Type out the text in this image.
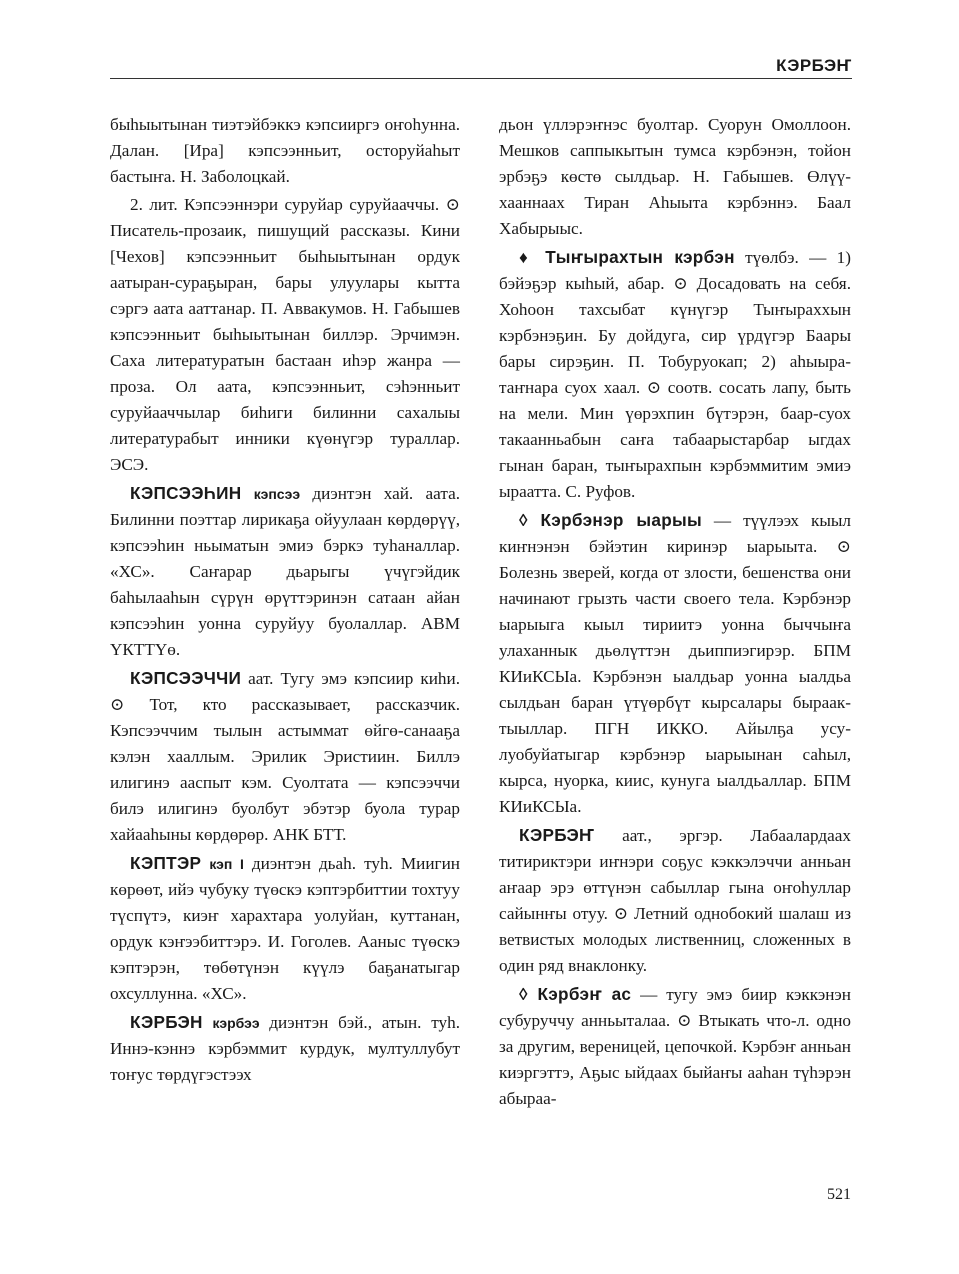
КЭРБЭҤ

быһыытынан тиэтэйбэккэ кэпсииргэ оҥоһунна. Далан. [Ира] кэпсээнньит, осторуйаһыт бастыҥа. Н. Заболоцкай.

2. лит. Кэпсээннэри суруйар суруйааччы. ⊙ Писатель-прозаик, пишущий рассказы. Кини [Чехов] кэпсээнньит быһыытынан ордук аатыран-сураҕыран, бары улуулары кытта сэргэ аата ааттанар. П. Аввакумов. Н. Габышев кэпсээнньит быһыытынан биллэр. Эрчимэн. Саха литературатын бастаан иһэр жанра — проза. Ол аата, кэпсээнньит, сэһэнньит суруйааччылар биһиги билинни сахалыы литературабыт инники күөнүгэр тураллар. ЭСЭ.

КЭПСЭЭҺИН кэпсээ диэнтэн хай. аата. Билинни поэттар лирикаҕа ойуулаан көрдөрүү, кэпсээһин ньыматын эмиэ бэркэ туһаналлар. «ХС». Саҥарар дьарыгы үчүгэйдик баһылааһын сүрүн өрүттэринэн сатаан айан кэпсээһин уонна суруйуу буолаллар. АВМ ҮКТТҮө.

КЭПСЭЭЧЧИ аат. Тугу эмэ кэпсиир киһи. ⊙ Тот, кто рассказывает, рассказчик. Кэпсээччим тылын астыммат өйгө-санааҕа кэлэн хааллым. Эрилик Эристиин. Биллэ илигинэ ааспыт кэм. Суолтата — кэпсээччи билэ илигинэ буолбут эбэтэр буола турар хайааһыны көрдөрөр. АНК БТТ.

КЭПТЭР кэп I диэнтэн дьаһ. туһ. Миигин көрөөт, ийэ чубуку түөскэ кэптэрбиттии тохтуу түспүтэ, киэҥ харахтара уолуйан, куттанан, ордук кэҥээбиттэрэ. И. Гоголев. Ааныс түөскэ кэптэрэн, төбөтүнэн күүлэ баҕанатыгар охсуллунна. «ХС».

КЭРБЭН кэрбээ диэнтэн бэй., атын. туһ. Иннэ-кэннэ кэрбэммит курдук, мултуллубут тоҥус төрдүгэстээх

дьон үллэрэҥнэс буолтар. Суорун Омоллоон. Мешков саппыкытын тумса кэрбэнэн, тойон эрбэҕэ көстө сылдьар. Н. Габышев. Өлүү-хааннаах Тиран Аһыыта кэрбэннэ. Баал Хабырыыс.

♦ Тыҥырахтын кэрбэн түөлбэ. — 1) бэйэҕэр кыһый, абар. ⊙ Досадовать на себя. Хоһоон тахсыбат күнүгэр Тыҥыраххын кэрбэнэҕин. Бу дойдуга, сир үрдүгэр Баары бары сирэҕин. П. Тобуруокап; 2) аһыыра-таҥнара суох хаал. ⊙ соотв. сосать лапу, быть на мели. Мин үөрэхпин бүтэрэн, баар-суох такаанньабын саҥа табаарыстарбар ыгдах гынан баран, тыҥырахпын кэрбэммитим эмиэ ыраатта. С. Руфов.

◊ Кэрбэнэр ыарыы — түүлээх кыыл киҥнэнэн бэйэтин киринэр ыарыыта. ⊙ Болезнь зверей, когда от злости, бешенства они начинают грызть части своего тела. Кэрбэнэр ыарыыга кыыл тириитэ уонна быччыҥа улаханнык дьөлүттэн дьиппиэгирэр. БПМ КИиКСЫа. Кэрбэнэн ыалдьар уонна ыалдьа сылдьан баран үтүөрбүт кырсалары быраактыыллар. ПГН ИККО. Айылҕа усулуобуйатыгар кэрбэнэр ыарыынан саһыл, кырса, нуорка, киис, кунуга ыалдьаллар. БПМ КИиКСЫа.

КЭРБЭҤ аат., эргэр. Лабаалардаах титириктэри иҥнэри соҕус кэккэлэччи анньан аҥаар эрэ өттүнэн сабыллар гына оҥоһуллар сайынҥы отуу. ⊙ Летний однобокий шалаш из ветвистых молодых лиственниц, сложенных в один ряд внаклонку.

◊ Кэрбэҥ ас — тугу эмэ биир кэккэнэн субуруччу анньыталаа. ⊙ Втыкать что-л. одно за другим, вереницей, цепочкой. Кэрбэҥ анньан киэргэттэ, Аҕыс ыйдаах быйаҥы ааһан түһэрэн абыраа-

521
